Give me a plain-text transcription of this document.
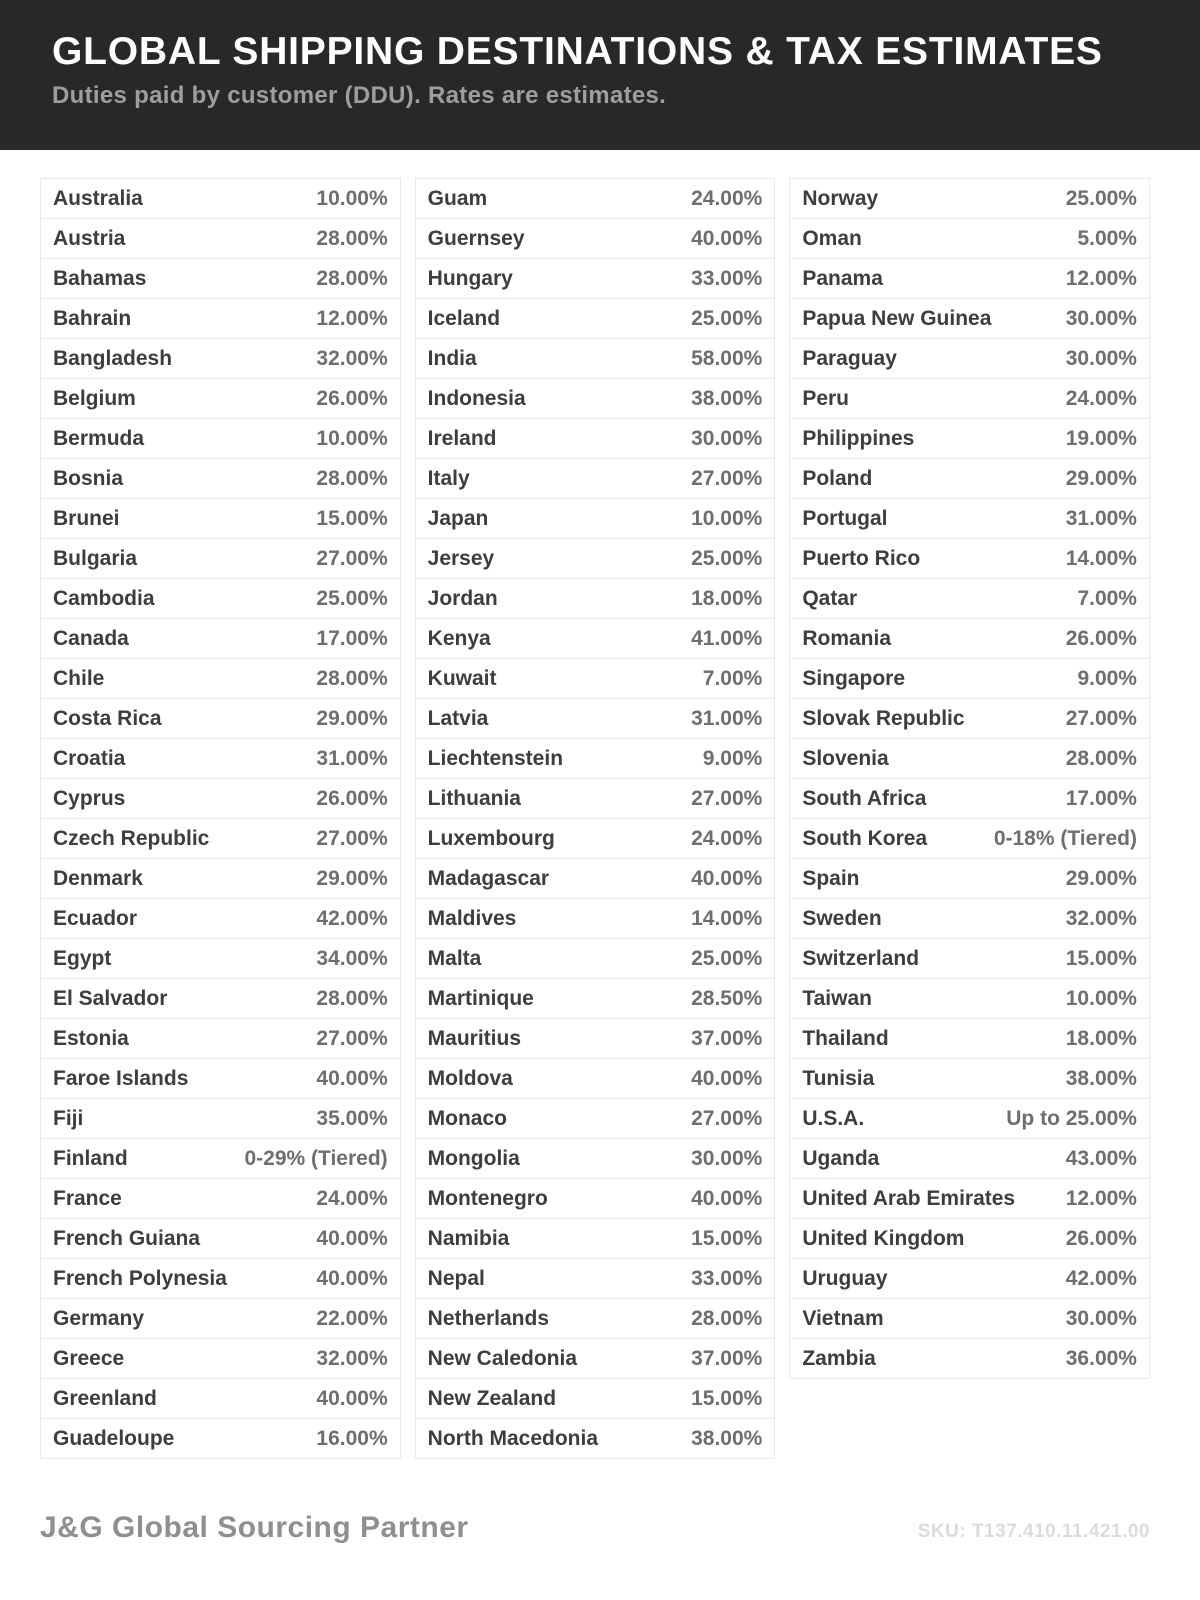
GLOBAL SHIPPING DESTINATIONS & TAX ESTIMATES

Duties paid by customer (DDU). Rates are estimates.

Australia	10.00%
Austria	28.00%
Bahamas	28.00%
Bahrain	12.00%
Bangladesh	32.00%
Belgium	26.00%
Bermuda	10.00%
Bosnia	28.00%
Brunei	15.00%
Bulgaria	27.00%
Cambodia	25.00%
Canada	17.00%
Chile	28.00%
Costa Rica	29.00%
Croatia	31.00%
Cyprus	26.00%
Czech Republic	27.00%
Denmark	29.00%
Ecuador	42.00%
Egypt	34.00%
El Salvador	28.00%
Estonia	27.00%
Faroe Islands	40.00%
Fiji	35.00%
Finland	0-29% (Tiered)
France	24.00%
French Guiana	40.00%
French Polynesia	40.00%
Germany	22.00%
Greece	32.00%
Greenland	40.00%
Guadeloupe	16.00%
Guam	24.00%
Guernsey	40.00%
Hungary	33.00%
Iceland	25.00%
India	58.00%
Indonesia	38.00%
Ireland	30.00%
Italy	27.00%
Japan	10.00%
Jersey	25.00%
Jordan	18.00%
Kenya	41.00%
Kuwait	7.00%
Latvia	31.00%
Liechtenstein	9.00%
Lithuania	27.00%
Luxembourg	24.00%
Madagascar	40.00%
Maldives	14.00%
Malta	25.00%
Martinique	28.50%
Mauritius	37.00%
Moldova	40.00%
Monaco	27.00%
Mongolia	30.00%
Montenegro	40.00%
Namibia	15.00%
Nepal	33.00%
Netherlands	28.00%
New Caledonia	37.00%
New Zealand	15.00%
North Macedonia	38.00%
Norway	25.00%
Oman	5.00%
Panama	12.00%
Papua New Guinea	30.00%
Paraguay	30.00%
Peru	24.00%
Philippines	19.00%
Poland	29.00%
Portugal	31.00%
Puerto Rico	14.00%
Qatar	7.00%
Romania	26.00%
Singapore	9.00%
Slovak Republic	27.00%
Slovenia	28.00%
South Africa	17.00%
South Korea	0-18% (Tiered)
Spain	29.00%
Sweden	32.00%
Switzerland	15.00%
Taiwan	10.00%
Thailand	18.00%
Tunisia	38.00%
U.S.A.	Up to 25.00%
Uganda	43.00%
United Arab Emirates 12.00%
United Kingdom	26.00%
Uruguay	42.00%
Vietnam	30.00%
Zambia	36.00%
J&G Global Sourcing Partner	SKU: T137.410.11.421.00
